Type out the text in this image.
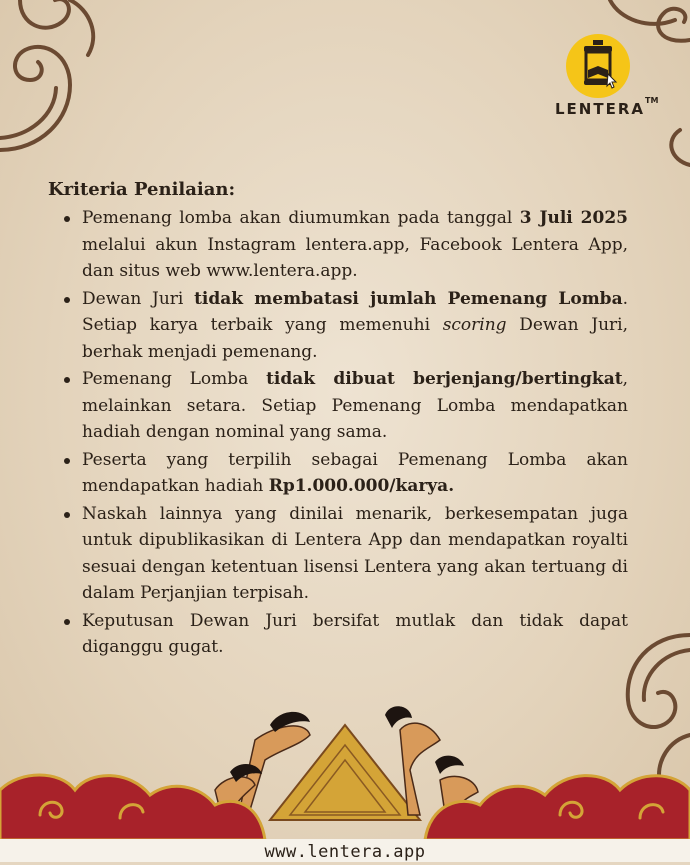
LENTERA TM
Kriteria Penilaian:
Pemenang lomba akan diumumkan pada tanggal 3 Juli 2025 melalui akun Instagram lentera.app, Facebook Lentera App, dan situs web www.lentera.app.
Dewan Juri tidak membatasi jumlah Pemenang Lomba. Setiap karya terbaik yang memenuhi scoring Dewan Juri, berhak menjadi pemenang.
Pemenang Lomba tidak dibuat berjenjang/bertingkat, melainkan setara. Setiap Pemenang Lomba mendapatkan hadiah dengan nominal yang sama.
Peserta yang terpilih sebagai Pemenang Lomba akan mendapatkan hadiah Rp1.000.000/karya.
Naskah lainnya yang dinilai menarik, berkesempatan juga untuk dipublikasikan di Lentera App dan mendapatkan royalti sesuai dengan ketentuan lisensi Lentera yang akan tertuang di dalam Perjanjian terpisah.
Keputusan Dewan Juri bersifat mutlak dan tidak dapat diganggu gugat.
www.lentera.app
